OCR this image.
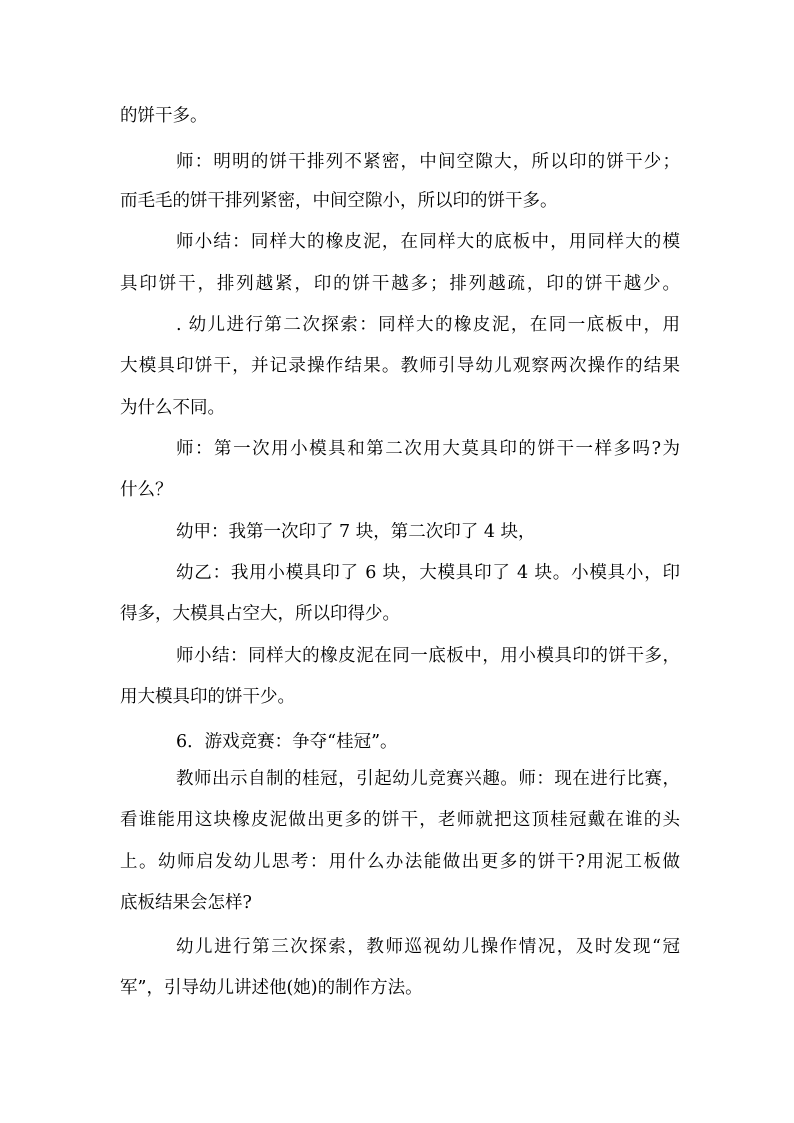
的饼干多。
师：明明的饼干排列不紧密，中间空隙大，所以印的饼干少；
而毛毛的饼干排列紧密，中间空隙小，所以印的饼干多。
师小结：同样大的橡皮泥，在同样大的底板中，用同样大的模
具印饼干，排列越紧，印的饼干越多；排列越疏，印的饼干越少。
. 幼儿进行第二次探索：同样大的橡皮泥，在同一底板中，用
大模具印饼干，并记录操作结果。教师引导幼儿观察两次操作的结果
为什么不同。
师：第一次用小模具和第二次用大莫具印的饼干一样多吗?为
什么？
幼甲：我第一次印了 7 块，第二次印了 4 块，
幼乙：我用小模具印了 6 块，大模具印了 4 块。小模具小，印
得多，大模具占空大，所以印得少。
师小结：同样大的橡皮泥在同一底板中，用小模具印的饼干多，
用大模具印的饼干少。
6．游戏竞赛：争夺“桂冠”。
教师出示自制的桂冠，引起幼儿竞赛兴趣。师：现在进行比赛，
看谁能用这块橡皮泥做出更多的饼干，老师就把这顶桂冠戴在谁的头
上。幼师启发幼儿思考：用什么办法能做出更多的饼干?用泥工板做
底板结果会怎样?
幼儿进行第三次探索，教师巡视幼儿操作情况，及时发现“冠
军”，引导幼儿讲述他(她)的制作方法。
